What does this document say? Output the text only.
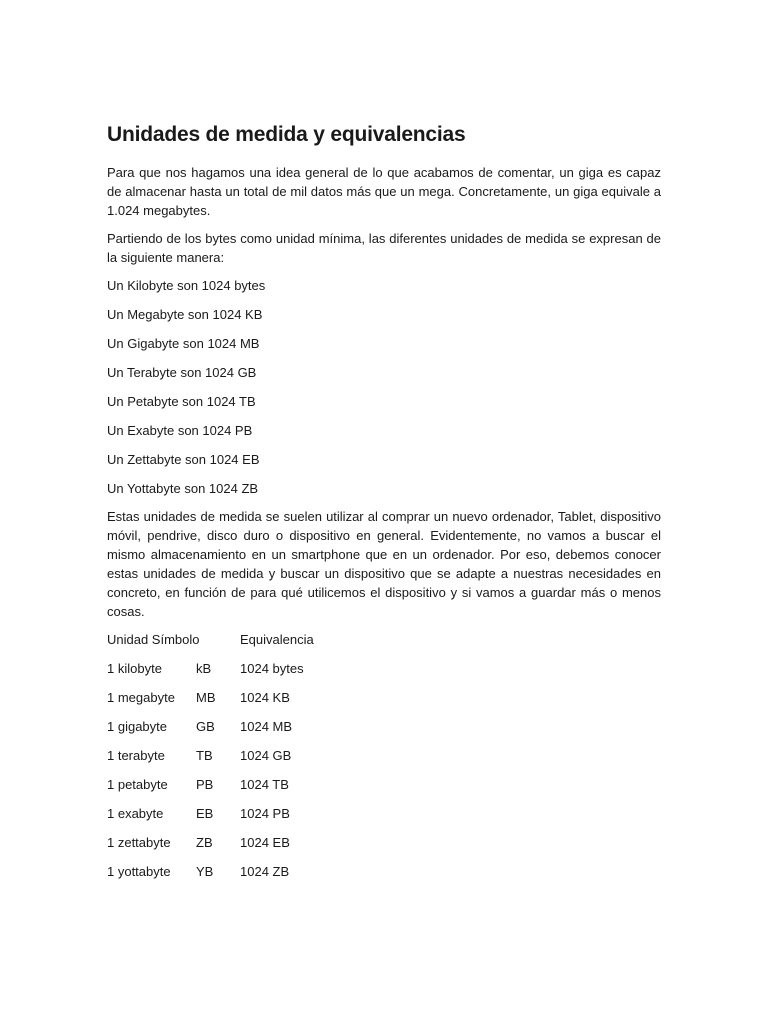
Unidades de medida y equivalencias

Para que nos hagamos una idea general de lo que acabamos de comentar, un giga es capaz de almacenar hasta un total de mil datos más que un mega. Concretamente, un giga equivale a 1.024 megabytes.

Partiendo de los bytes como unidad mínima, las diferentes unidades de medida se expresan de la siguiente manera:

Un Kilobyte son 1024 bytes

Un Megabyte son 1024 KB

Un Gigabyte son 1024 MB

Un Terabyte son 1024 GB

Un Petabyte son 1024 TB

Un Exabyte son 1024 PB

Un Zettabyte son 1024 EB

Un Yottabyte son 1024 ZB

Estas unidades de medida se suelen utilizar al comprar un nuevo ordenador, Tablet, dispositivo móvil, pendrive, disco duro o dispositivo en general. Evidentemente, no vamos a buscar el mismo almacenamiento en un smartphone que en un ordenador. Por eso, debemos conocer estas unidades de medida y buscar un dispositivo que se adapte a nuestras necesidades en concreto, en función de para qué utilicemos el dispositivo y si vamos a guardar más o menos cosas.

Unidad Símbolo	Equivalencia
1 kilobyte	kB	1024 bytes
1 megabyte	MB	1024 KB
1 gigabyte	GB	1024 MB
1 terabyte	TB	1024 GB
1 petabyte	PB	1024 TB
1 exabyte	EB	1024 PB
1 zettabyte	ZB	1024 EB
1 yottabyte	YB	1024 ZB
